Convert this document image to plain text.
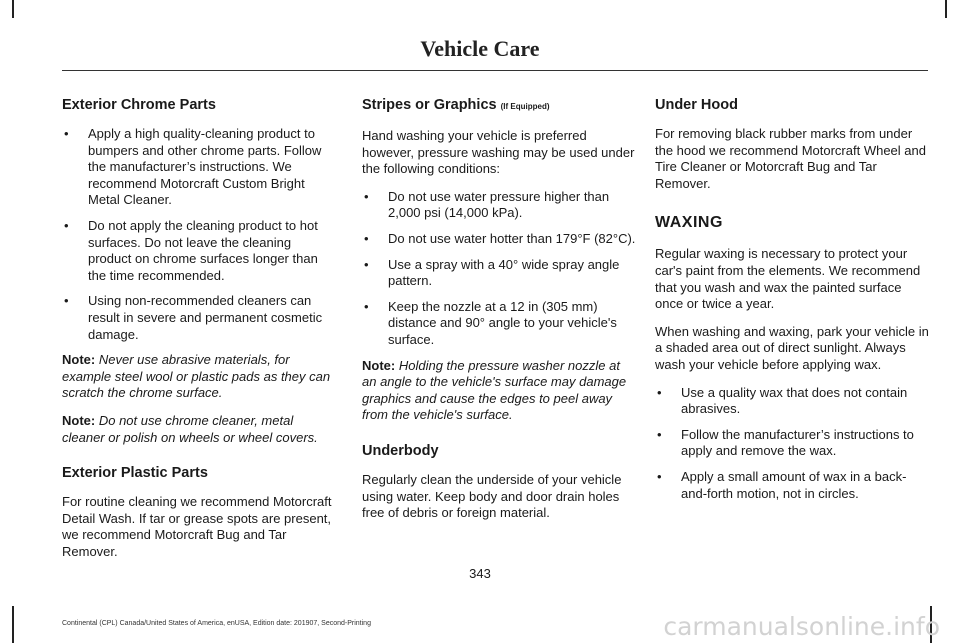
Vehicle Care
Exterior Chrome Parts
• Apply a high quality-cleaning product to bumpers and other chrome parts. Follow the manufacturer’s instructions. We recommend Motorcraft Custom Bright Metal Cleaner.
• Do not apply the cleaning product to hot surfaces. Do not leave the cleaning product on chrome surfaces longer than the time recommended.
• Using non-recommended cleaners can result in severe and permanent cosmetic damage.

Note: Never use abrasive materials, for example steel wool or plastic pads as they can scratch the chrome surface.

Note: Do not use chrome cleaner, metal cleaner or polish on wheels or wheel covers.

Exterior Plastic Parts

For routine cleaning we recommend Motorcraft Detail Wash. If tar or grease spots are present, we recommend Motorcraft Bug and Tar Remover.

Stripes or Graphics (If Equipped)

Hand washing your vehicle is preferred however, pressure washing may be used under the following conditions:

• Do not use water pressure higher than 2,000 psi (14,000 kPa).
• Do not use water hotter than 179°F (82°C).
• Use a spray with a 40° wide spray angle pattern.
• Keep the nozzle at a 12 in (305 mm) distance and 90° angle to your vehicle's surface.

Note: Holding the pressure washer nozzle at an angle to the vehicle's surface may damage graphics and cause the edges to peel away from the vehicle's surface.

Underbody

Regularly clean the underside of your vehicle using water. Keep body and door drain holes free of debris or foreign material.

Under Hood

For removing black rubber marks from under the hood we recommend Motorcraft Wheel and Tire Cleaner or Motorcraft Bug and Tar Remover.

WAXING

Regular waxing is necessary to protect your car's paint from the elements. We recommend that you wash and wax the painted surface once or twice a year.

When washing and waxing, park your vehicle in a shaded area out of direct sunlight. Always wash your vehicle before applying wax.

• Use a quality wax that does not contain abrasives.
• Follow the manufacturer’s instructions to apply and remove the wax.
• Apply a small amount of wax in a back-and-forth motion, not in circles.
343
Continental (CPL) Canada/United States of America, enUSA, Edition date: 201907, Second-Printing	carmanualsonline.info
